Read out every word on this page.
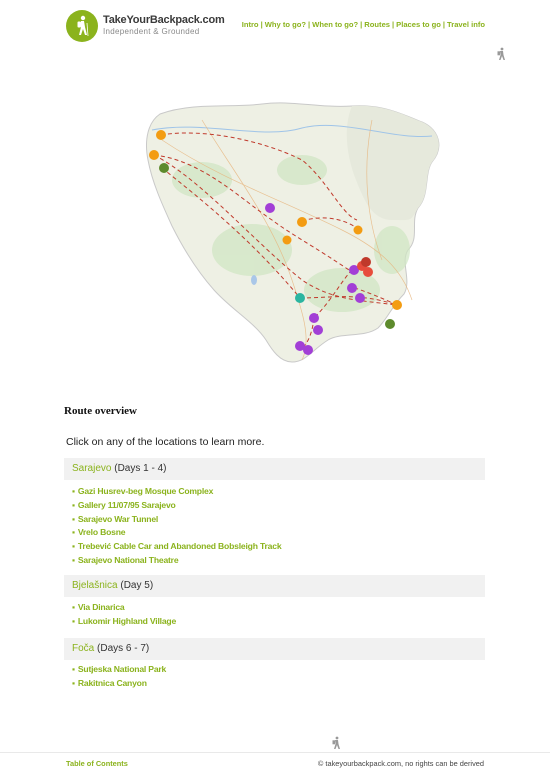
TakeYourBackpack.com
Independent & Grounded
Intro | Why to go? | When to go? | Routes | Places to go | Travel info
Route overview
Click on any of the locations to learn more.
Sarajevo (Days 1 - 4)
▪ Gazi Husrev-beg Mosque Complex
▪ Gallery 11/07/95 Sarajevo
▪ Sarajevo War Tunnel
▪ Vrelo Bosne
▪ Trebević Cable Car and Abandoned Bobsleigh Track
▪ Sarajevo National Theatre
Bjelašnica (Day 5)
▪ Via Dinarica
▪ Lukomir Highland Village
Foča (Days 6 - 7)
▪ Sutjeska National Park
▪ Rakitnica Canyon
Table of Contents	© takeyourbackpack.com, no rights can be derived
